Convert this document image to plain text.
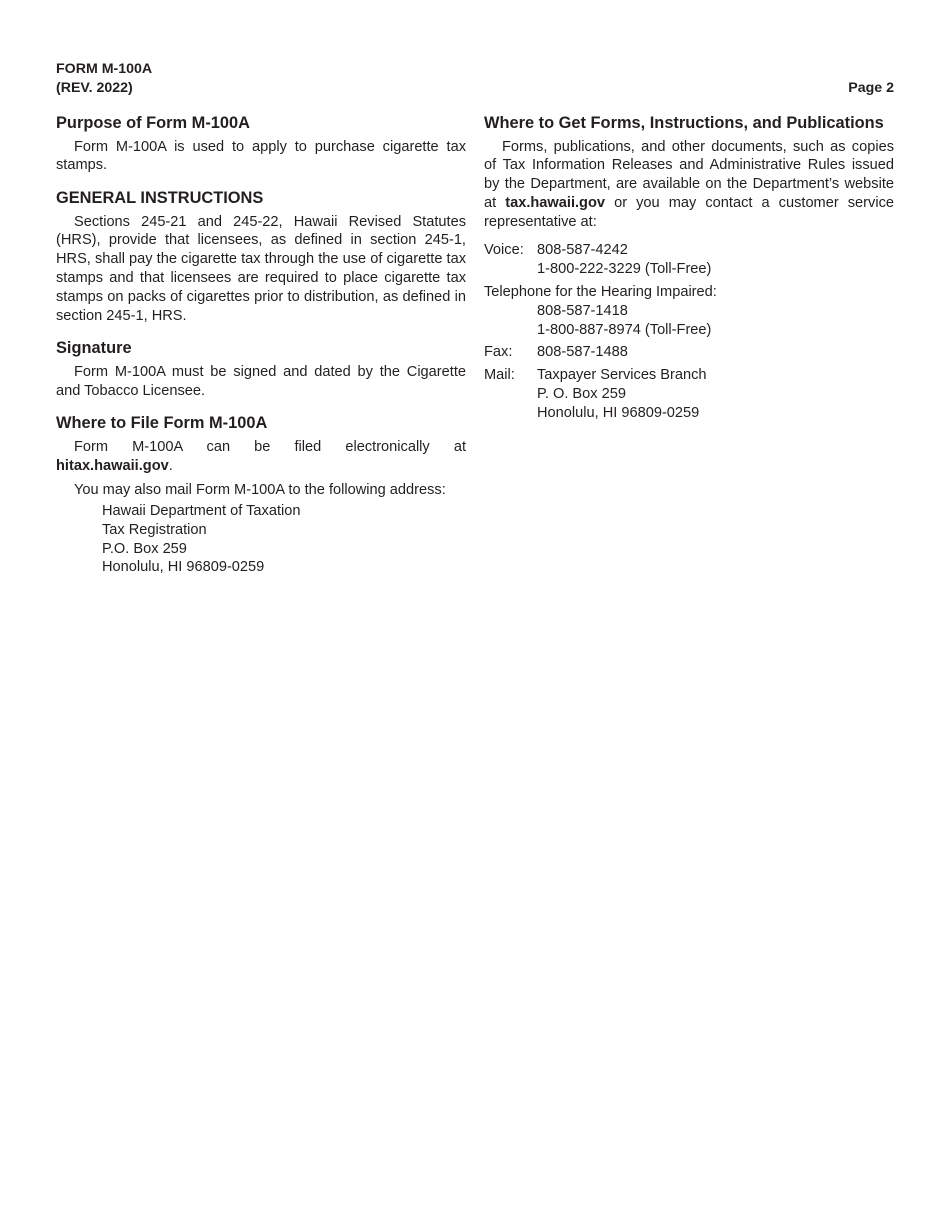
FORM M-100A
(REV. 2022)	Page 2
Purpose of Form M-100A

Form M-100A is used to apply to purchase cigarette tax stamps.

GENERAL INSTRUCTIONS

Sections 245-21 and 245-22, Hawaii Revised Statutes (HRS), provide that licensees, as defined in section 245-1, HRS, shall pay the cigarette tax through the use of cigarette tax stamps and that licensees are required to place cigarette tax stamps on packs of cigarettes prior to distribution, as defined in section 245-1, HRS.

Signature

Form M-100A must be signed and dated by the Cigarette and Tobacco Licensee.

Where to File Form M-100A

Form M-100A can be filed electronically at hitax.hawaii.gov.

You may also mail Form M-100A to the following address:

Hawaii Department of Taxation
Tax Registration
P.O. Box 259
Honolulu, HI 96809-0259
Where to Get Forms, Instructions, and Publications

Forms, publications, and other documents, such as copies of Tax Information Releases and Administrative Rules issued by the Department, are available on the Department’s website at tax.hawaii.gov or you may contact a customer service representative at:

Voice: 808-587-4242
1-800-222-3229 (Toll-Free)
Telephone for the Hearing Impaired:
808-587-1418
1-800-887-8974 (Toll-Free)
Fax:	808-587-1488
Mail:	Taxpayer Services Branch
P. O. Box 259
Honolulu, HI 96809-0259
